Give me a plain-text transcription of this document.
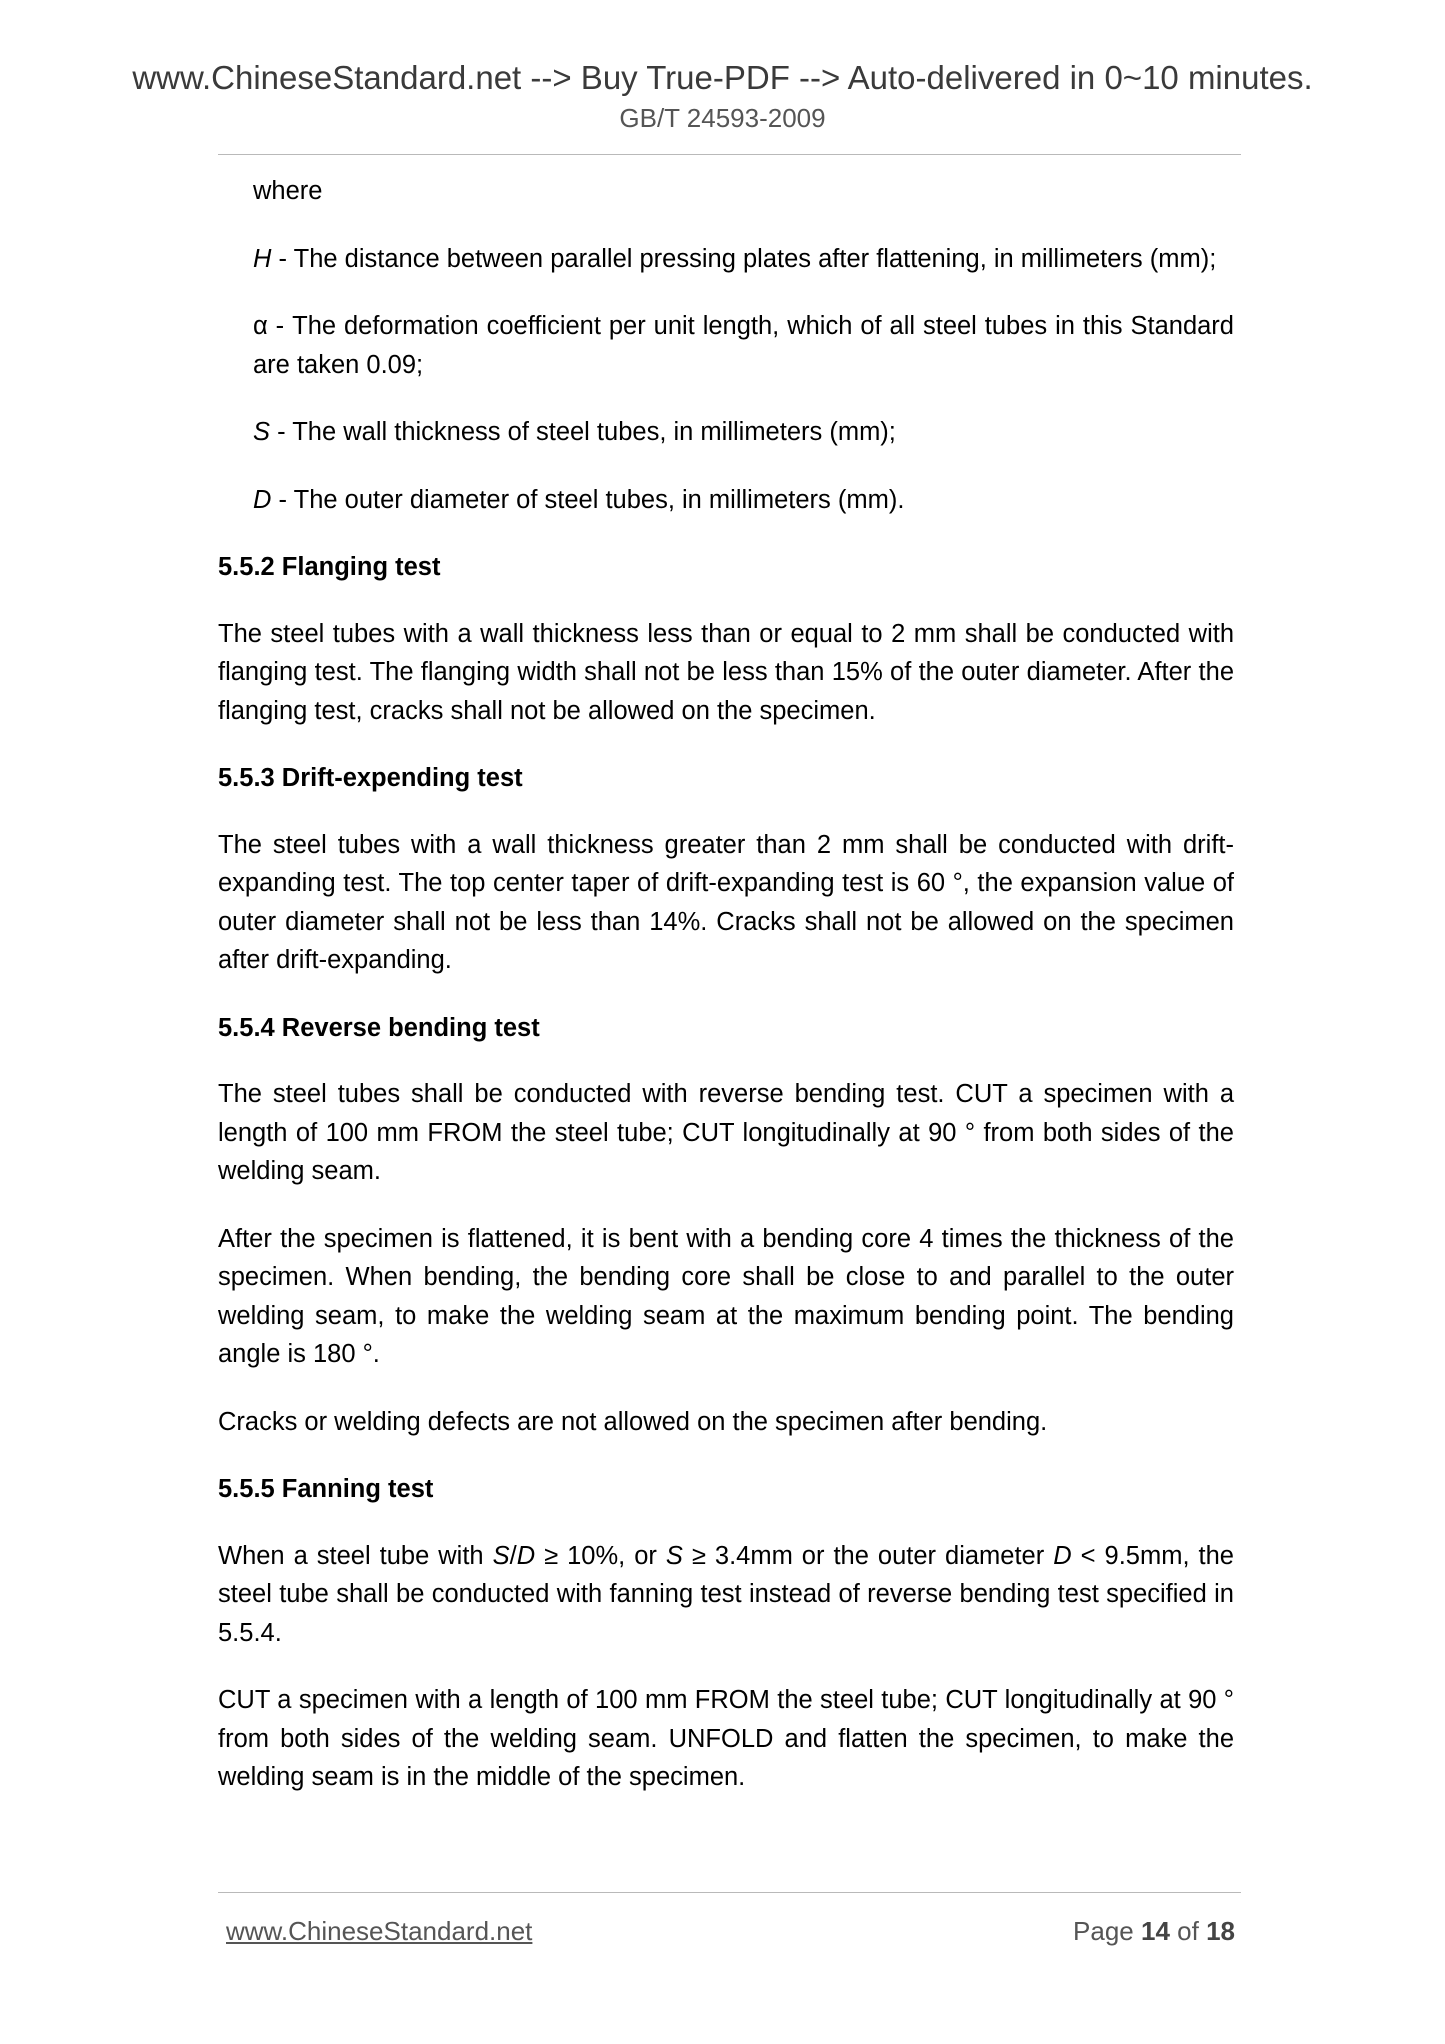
www.ChineseStandard.net --> Buy True-PDF --> Auto-delivered in 0~10 minutes.
GB/T 24593-2009

where

H - The distance between parallel pressing plates after flattening, in millimeters (mm);

α - The deformation coefficient per unit length, which of all steel tubes in this Standard are taken 0.09;

S - The wall thickness of steel tubes, in millimeters (mm);

D - The outer diameter of steel tubes, in millimeters (mm).

5.5.2 Flanging test

The steel tubes with a wall thickness less than or equal to 2 mm shall be conducted with flanging test. The flanging width shall not be less than 15% of the outer diameter. After the flanging test, cracks shall not be allowed on the specimen.

5.5.3 Drift-expending test

The steel tubes with a wall thickness greater than 2 mm shall be conducted with drift-expanding test. The top center taper of drift-expanding test is 60 °, the expansion value of outer diameter shall not be less than 14%. Cracks shall not be allowed on the specimen after drift-expanding.

5.5.4 Reverse bending test

The steel tubes shall be conducted with reverse bending test. CUT a specimen with a length of 100 mm FROM the steel tube; CUT longitudinally at 90 ° from both sides of the welding seam.

After the specimen is flattened, it is bent with a bending core 4 times the thickness of the specimen. When bending, the bending core shall be close to and parallel to the outer welding seam, to make the welding seam at the maximum bending point. The bending angle is 180 °.

Cracks or welding defects are not allowed on the specimen after bending.

5.5.5 Fanning test

When a steel tube with S/D ≥ 10%, or S ≥ 3.4mm or the outer diameter D < 9.5mm, the steel tube shall be conducted with fanning test instead of reverse bending test specified in 5.5.4.

CUT a specimen with a length of 100 mm FROM the steel tube; CUT longitudinally at 90 ° from both sides of the welding seam. UNFOLD and flatten the specimen, to make the welding seam is in the middle of the specimen.

www.ChineseStandard.net	Page 14 of 18
